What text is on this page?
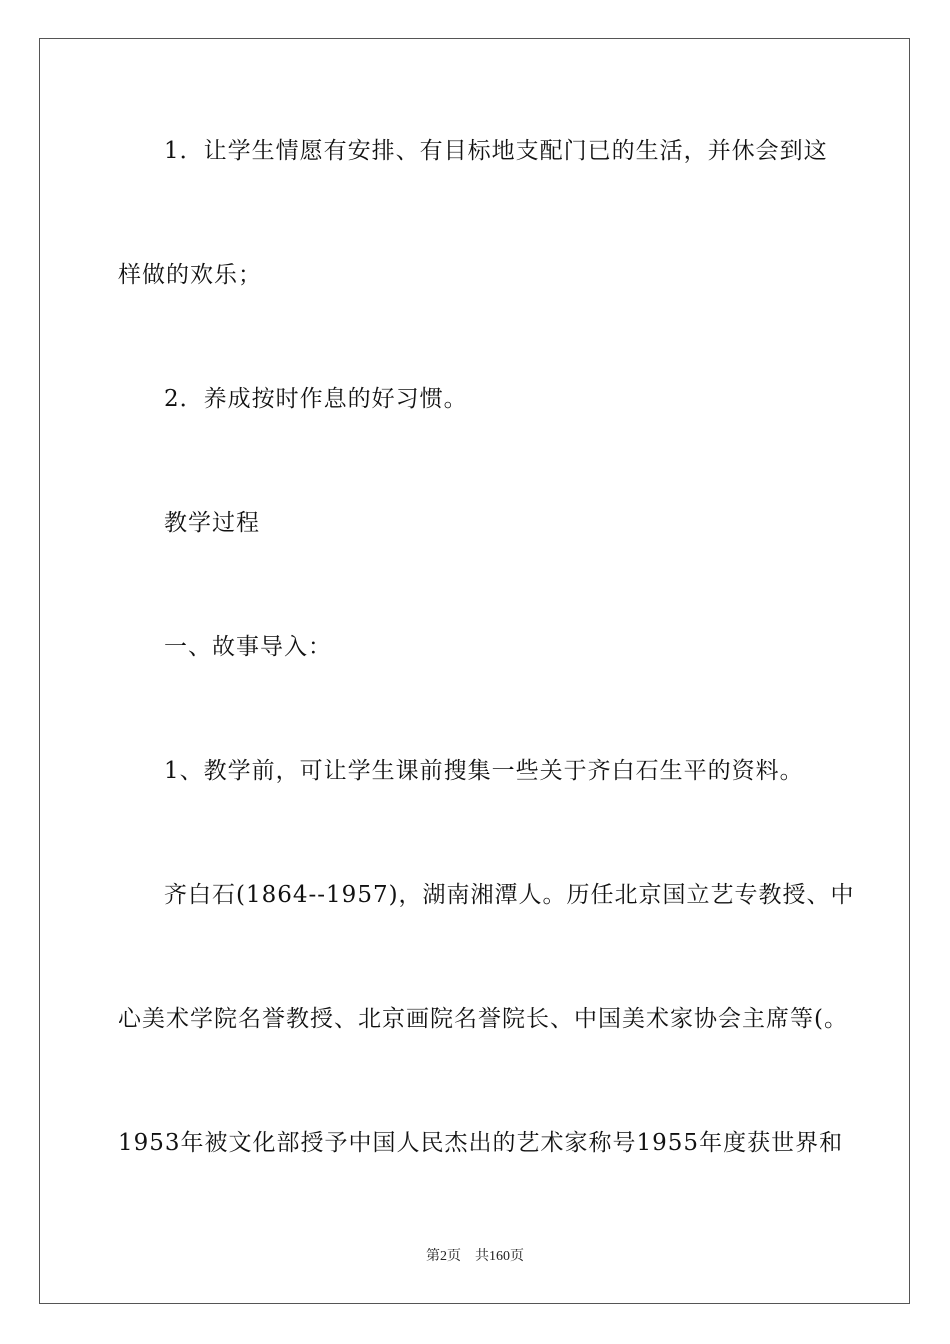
1．让学生情愿有安排、有目标地支配门已的生活，并休会到这
样做的欢乐；
2．养成按时作息的好习惯。
教学过程
一、故事导入：
1、教学前，可让学生课前搜集一些关于齐白石生平的资料。
齐白石(1864--1957)，湖南湘潭人。历任北京国立艺专教授、中
心美术学院名誉教授、北京画院名誉院长、中国美术家协会主席等(。
1953年被文化部授予中国人民杰出的艺术家称号1955年度获世界和
第2页 共160页
